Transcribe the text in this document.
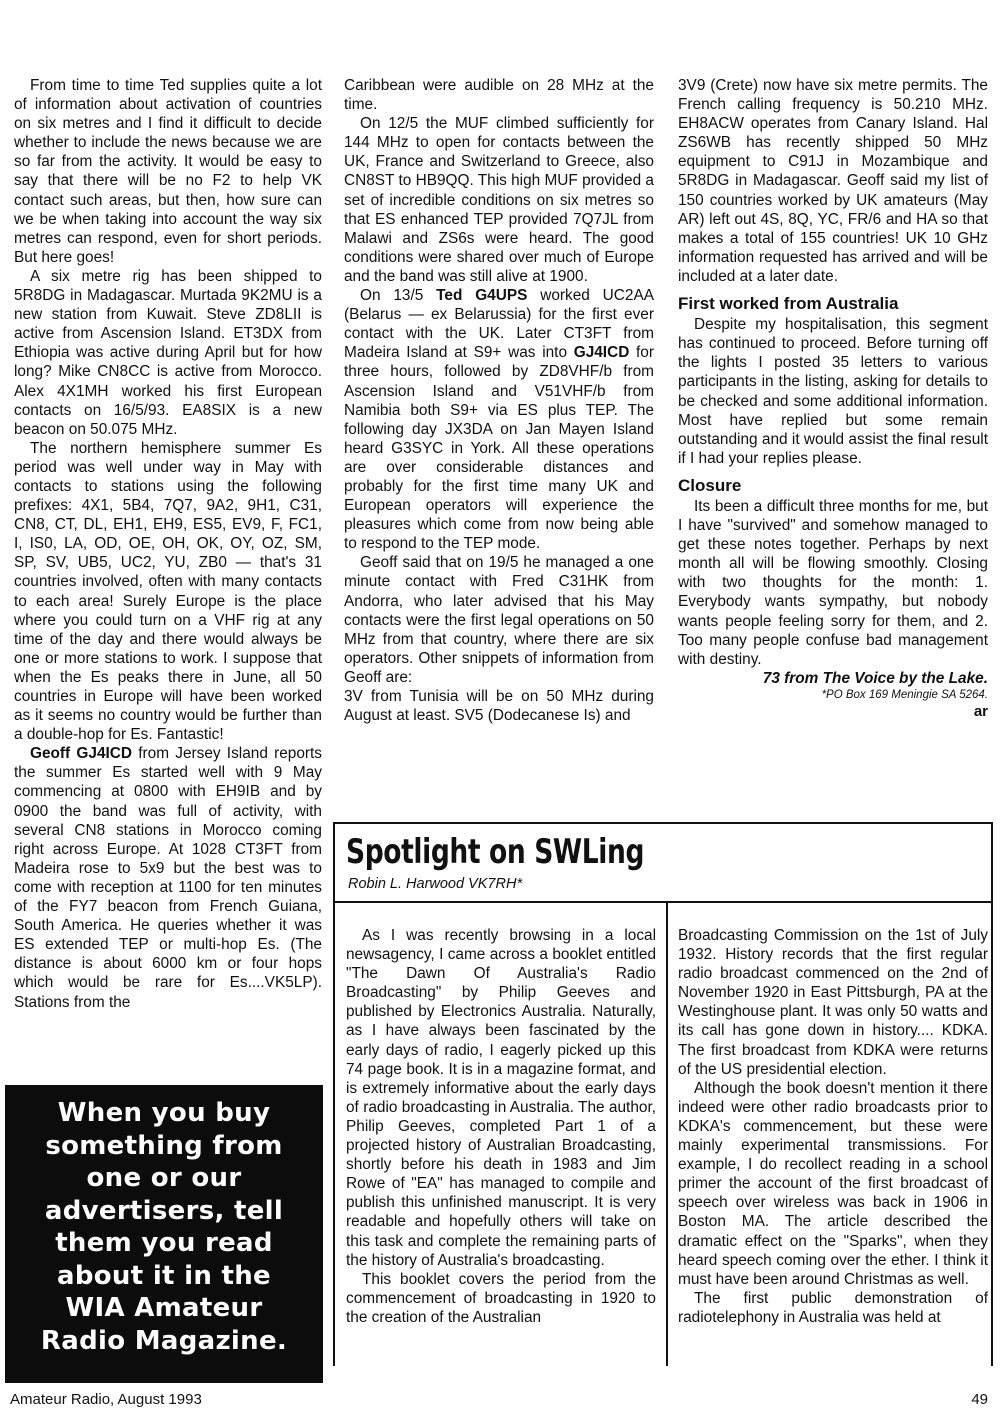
From time to time Ted supplies quite a lot of information about activation of countries on six metres and I find it difficult to decide whether to include the news because we are so far from the activity. It would be easy to say that there will be no F2 to help VK contact such areas, but then, how sure can we be when taking into account the way six metres can respond, even for short periods. But here goes!

A six metre rig has been shipped to 5R8DG in Madagascar. Murtada 9K2MU is a new station from Kuwait. Steve ZD8LII is active from Ascension Island. ET3DX from Ethiopia was active during April but for how long? Mike CN8CC is active from Morocco. Alex 4X1MH worked his first European contacts on 16/5/93. EA8SIX is a new beacon on 50.075 MHz.

The northern hemisphere summer Es period was well under way in May with contacts to stations using the following prefixes: 4X1, 5B4, 7Q7, 9A2, 9H1, C31, CN8, CT, DL, EH1, EH9, ES5, EV9, F, FC1, I, IS0, LA, OD, OE, OH, OK, OY, OZ, SM, SP, SV, UB5, UC2, YU, ZB0 — that's 31 countries involved, often with many contacts to each area! Surely Europe is the place where you could turn on a VHF rig at any time of the day and there would always be one or more stations to work. I suppose that when the Es peaks there in June, all 50 countries in Europe will have been worked as it seems no country would be further than a double-hop for Es. Fantastic!

Geoff GJ4ICD from Jersey Island reports the summer Es started well with 9 May commencing at 0800 with EH9IB and by 0900 the band was full of activity, with several CN8 stations in Morocco coming right across Europe. At 1028 CT3FT from Madeira rose to 5x9 but the best was to come with reception at 1100 for ten minutes of the FY7 beacon from French Guiana, South America. He queries whether it was ES extended TEP or multi-hop Es. (The distance is about 6000 km or four hops which would be rare for Es....VK5LP). Stations from the

Caribbean were audible on 28 MHz at the time.

On 12/5 the MUF climbed sufficiently for 144 MHz to open for contacts between the UK, France and Switzerland to Greece, also CN8ST to HB9QQ. This high MUF provided a set of incredible conditions on six metres so that ES enhanced TEP provided 7Q7JL from Malawi and ZS6s were heard. The good conditions were shared over much of Europe and the band was still alive at 1900.

On 13/5 Ted G4UPS worked UC2AA (Belarus — ex Belarussia) for the first ever contact with the UK. Later CT3FT from Madeira Island at S9+ was into GJ4ICD for three hours, followed by ZD8VHF/b from Ascension Island and V51VHF/b from Namibia both S9+ via ES plus TEP. The following day JX3DA on Jan Mayen Island heard G3SYC in York. All these operations are over considerable distances and probably for the first time many UK and European operators will experience the pleasures which come from now being able to respond to the TEP mode.

Geoff said that on 19/5 he managed a one minute contact with Fred C31HK from Andorra, who later advised that his May contacts were the first legal operations on 50 MHz from that country, where there are six operators. Other snippets of information from Geoff are:

3V from Tunisia will be on 50 MHz during August at least. SV5 (Dodecanese Is) and

3V9 (Crete) now have six metre permits. The French calling frequency is 50.210 MHz. EH8ACW operates from Canary Island. Hal ZS6WB has recently shipped 50 MHz equipment to C91J in Mozambique and 5R8DG in Madagascar. Geoff said my list of 150 countries worked by UK amateurs (May AR) left out 4S, 8Q, YC, FR/6 and HA so that makes a total of 155 countries! UK 10 GHz information requested has arrived and will be included at a later date.

First worked from Australia

Despite my hospitalisation, this segment has continued to proceed. Before turning off the lights I posted 35 letters to various participants in the listing, asking for details to be checked and some additional information. Most have replied but some remain outstanding and it would assist the final result if I had your replies please.

Closure

Its been a difficult three months for me, but I have "survived" and somehow managed to get these notes together. Perhaps by next month all will be flowing smoothly. Closing with two thoughts for the month: 1. Everybody wants sympathy, but nobody wants people feeling sorry for them, and 2. Too many people confuse bad management with destiny.

73 from The Voice by the Lake.
*PO Box 169 Meningie SA 5264.
ar
Spotlight on SWLing
Robin L. Harwood VK7RH*

As I was recently browsing in a local newsagency, I came across a booklet entitled "The Dawn Of Australia's Radio Broadcasting" by Philip Geeves and published by Electronics Australia. Naturally, as I have always been fascinated by the early days of radio, I eagerly picked up this 74 page book. It is in a magazine format, and is extremely informative about the early days of radio broadcasting in Australia. The author, Philip Geeves, completed Part 1 of a projected history of Australian Broadcasting, shortly before his death in 1983 and Jim Rowe of "EA" has managed to compile and publish this unfinished manuscript. It is very readable and hopefully others will take on this task and complete the remaining parts of the history of Australia's broadcasting.

This booklet covers the period from the commencement of broadcasting in 1920 to the creation of the Australian

Broadcasting Commission on the 1st of July 1932. History records that the first regular radio broadcast commenced on the 2nd of November 1920 in East Pittsburgh, PA at the Westinghouse plant. It was only 50 watts and its call has gone down in history.... KDKA. The first broadcast from KDKA were returns of the US presidential election.

Although the book doesn't mention it there indeed were other radio broadcasts prior to KDKA's commencement, but these were mainly experimental transmissions. For example, I do recollect reading in a school primer the account of the first broadcast of speech over wireless was back in 1906 in Boston MA. The article described the dramatic effect on the "Sparks", when they heard speech coming over the ether. I think it must have been around Christmas as well.

The first public demonstration of radiotelephony in Australia was held at

When you buy
something from
one or our
advertisers, tell
them you read
about it in the
WIA Amateur
Radio Magazine.
Amateur Radio, August 1993	49
